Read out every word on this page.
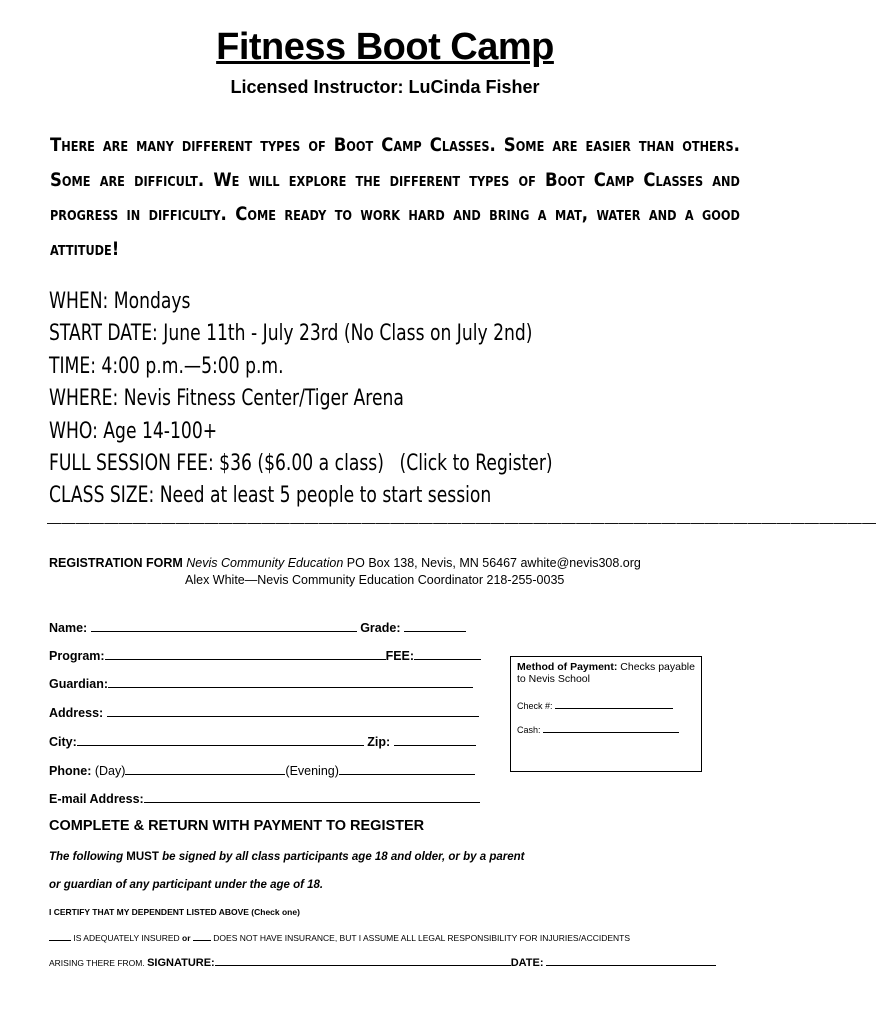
Fitness Boot Camp
Licensed Instructor: LuCinda Fisher
There are many different types of Boot Camp Classes. Some are easier than others. Some are difficult. We will explore the different types of Boot Camp Classes and progress in difficulty. Come ready to work hard and bring a mat, water and a good attitude!
WHEN: Mondays
START DATE: June 11th - July 23rd (No Class on July 2nd)
TIME: 4:00 p.m.—5:00 p.m.
WHERE: Nevis Fitness Center/Tiger Arena
WHO: Age 14-100+
FULL SESSION FEE: $36 ($6.00 a class) (Click to Register)
CLASS SIZE: Need at least 5 people to start session
——————————————————————————————————————————————————————————
REGISTRATION FORM Nevis Community Education PO Box 138, Nevis, MN 56467 awhite@nevis308.org
Alex White—Nevis Community Education Coordinator 218-255-0035
Name:	Grade:
Program:	FEE:
Guardian:
Address:
City:	Zip:
Phone: (Day)	(Evening)
E-mail Address:
Method of Payment: Checks payable to Nevis School
Check #:
Cash:
COMPLETE & RETURN WITH PAYMENT TO REGISTER
The following MUST be signed by all class participants age 18 and older, or by a parent
or guardian of any participant under the age of 18.
I CERTIFY THAT MY DEPENDENT LISTED ABOVE (Check one)
IS ADEQUATELY INSURED or	DOES NOT HAVE INSURANCE, BUT I ASSUME ALL LEGAL RESPONSIBILITY FOR INJURIES/ACCIDENTS
ARISING THERE FROM. SIGNATURE:	DATE:
